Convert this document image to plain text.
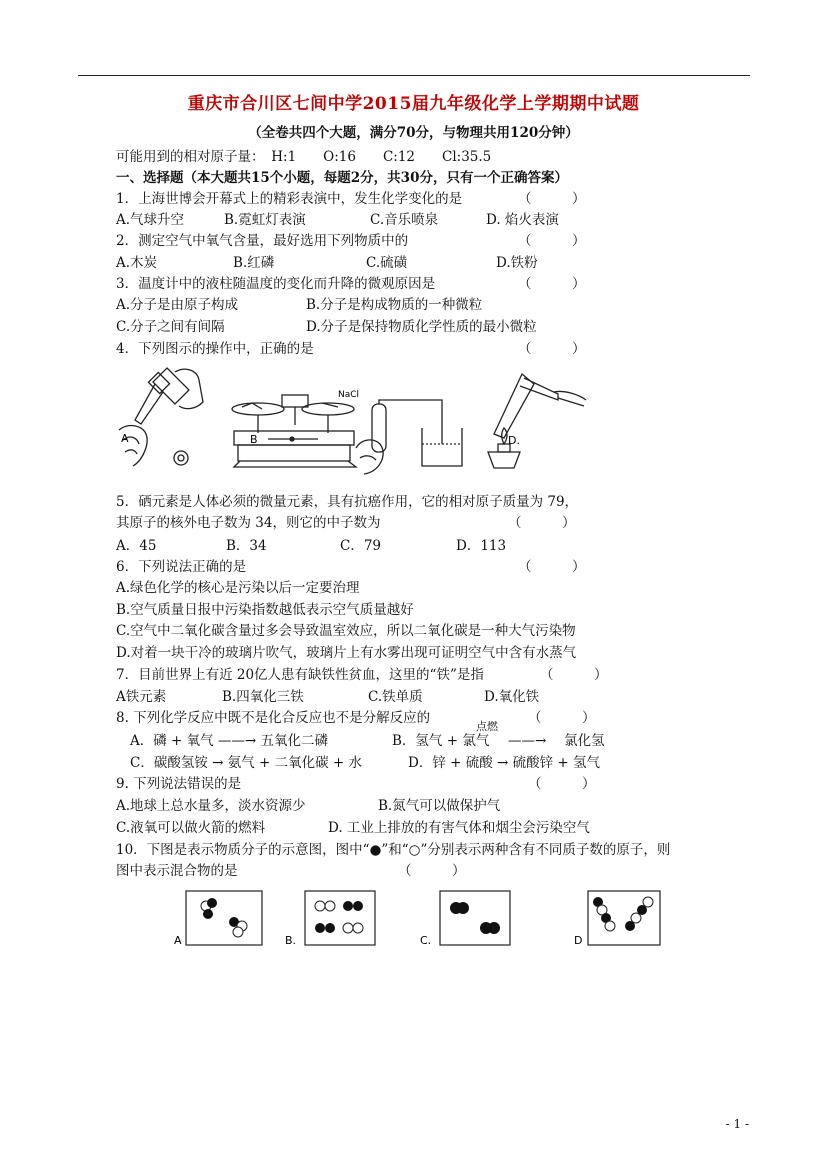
重庆市合川区七间中学2015届九年级化学上学期期中试题
（全卷共四个大题，满分70分，与物理共用120分钟）
可能用到的相对原子量：　H:1　　O:16　　C:12　　Cl:35.5
一、选择题（本大题共15个小题，每题2分，共30分，只有一个正确答案）
1．上海世博会开幕式上的精彩表演中，发生化学变化的是	（　　　）
A.气球升空	B.霓虹灯表演	C.音乐喷泉	D. 焰火表演
2．测定空气中氧气含量，最好选用下列物质中的	（　　　）
A.木炭	B.红磷	C.硫磺	D.铁粉
3．温度计中的液柱随温度的变化而升降的微观原因是	（　　　）
A.分子是由原子构成	B.分子是构成物质的一种微粒
C.分子之间有间隔	D.分子是保持物质化学性质的最小微粒
4．下列图示的操作中，正确的是	（　　　）
A	B
NaCl
D.
5．硒元素是人体必须的微量元素，具有抗癌作用，它的相对原子质量为 79，
其原子的核外电子数为 34，则它的中子数为	（　　　）
A．45	B．34	C．79	D．113
6．下列说法正确的是	（　　　）
A.绿色化学的核心是污染以后一定要治理
B.空气质量日报中污染指数越低表示空气质量越好
C.空气中二氧化碳含量过多会导致温室效应，所以二氧化碳是一种大气污染物
D.对着一块干冷的玻璃片吹气，玻璃片上有水雾出现可证明空气中含有水蒸气
7．目前世界上有近 20亿人患有缺铁性贫血，这里的“铁”是指	（　　　）
A铁元素	B.四氧化三铁	C.铁单质	D.氧化铁
8. 下列化学反应中既不是化合反应也不是分解反应的	（　　　）
A．磷 + 氧气 ——→ 五氧化二磷	B．氢气 + 氯气
点燃
——→　 氯化氢
C．碳酸氢铵 → 氨气 + 二氧化碳 + 水	D．锌 + 硫酸 → 硫酸锌 + 氢气
9. 下列说法错误的是	（　　　）
A.地球上总水量多，淡水资源少	B.氮气可以做保护气
C.液氧可以做火箭的燃料	D. 工业上排放的有害气体和烟尘会污染空气
10．下图是表示物质分子的示意图，图中“●”和“○”分别表示两种含有不同质子数的原子，则
图中表示混合物的是	（　　　）
A	B.	C.	D
- 1 -
